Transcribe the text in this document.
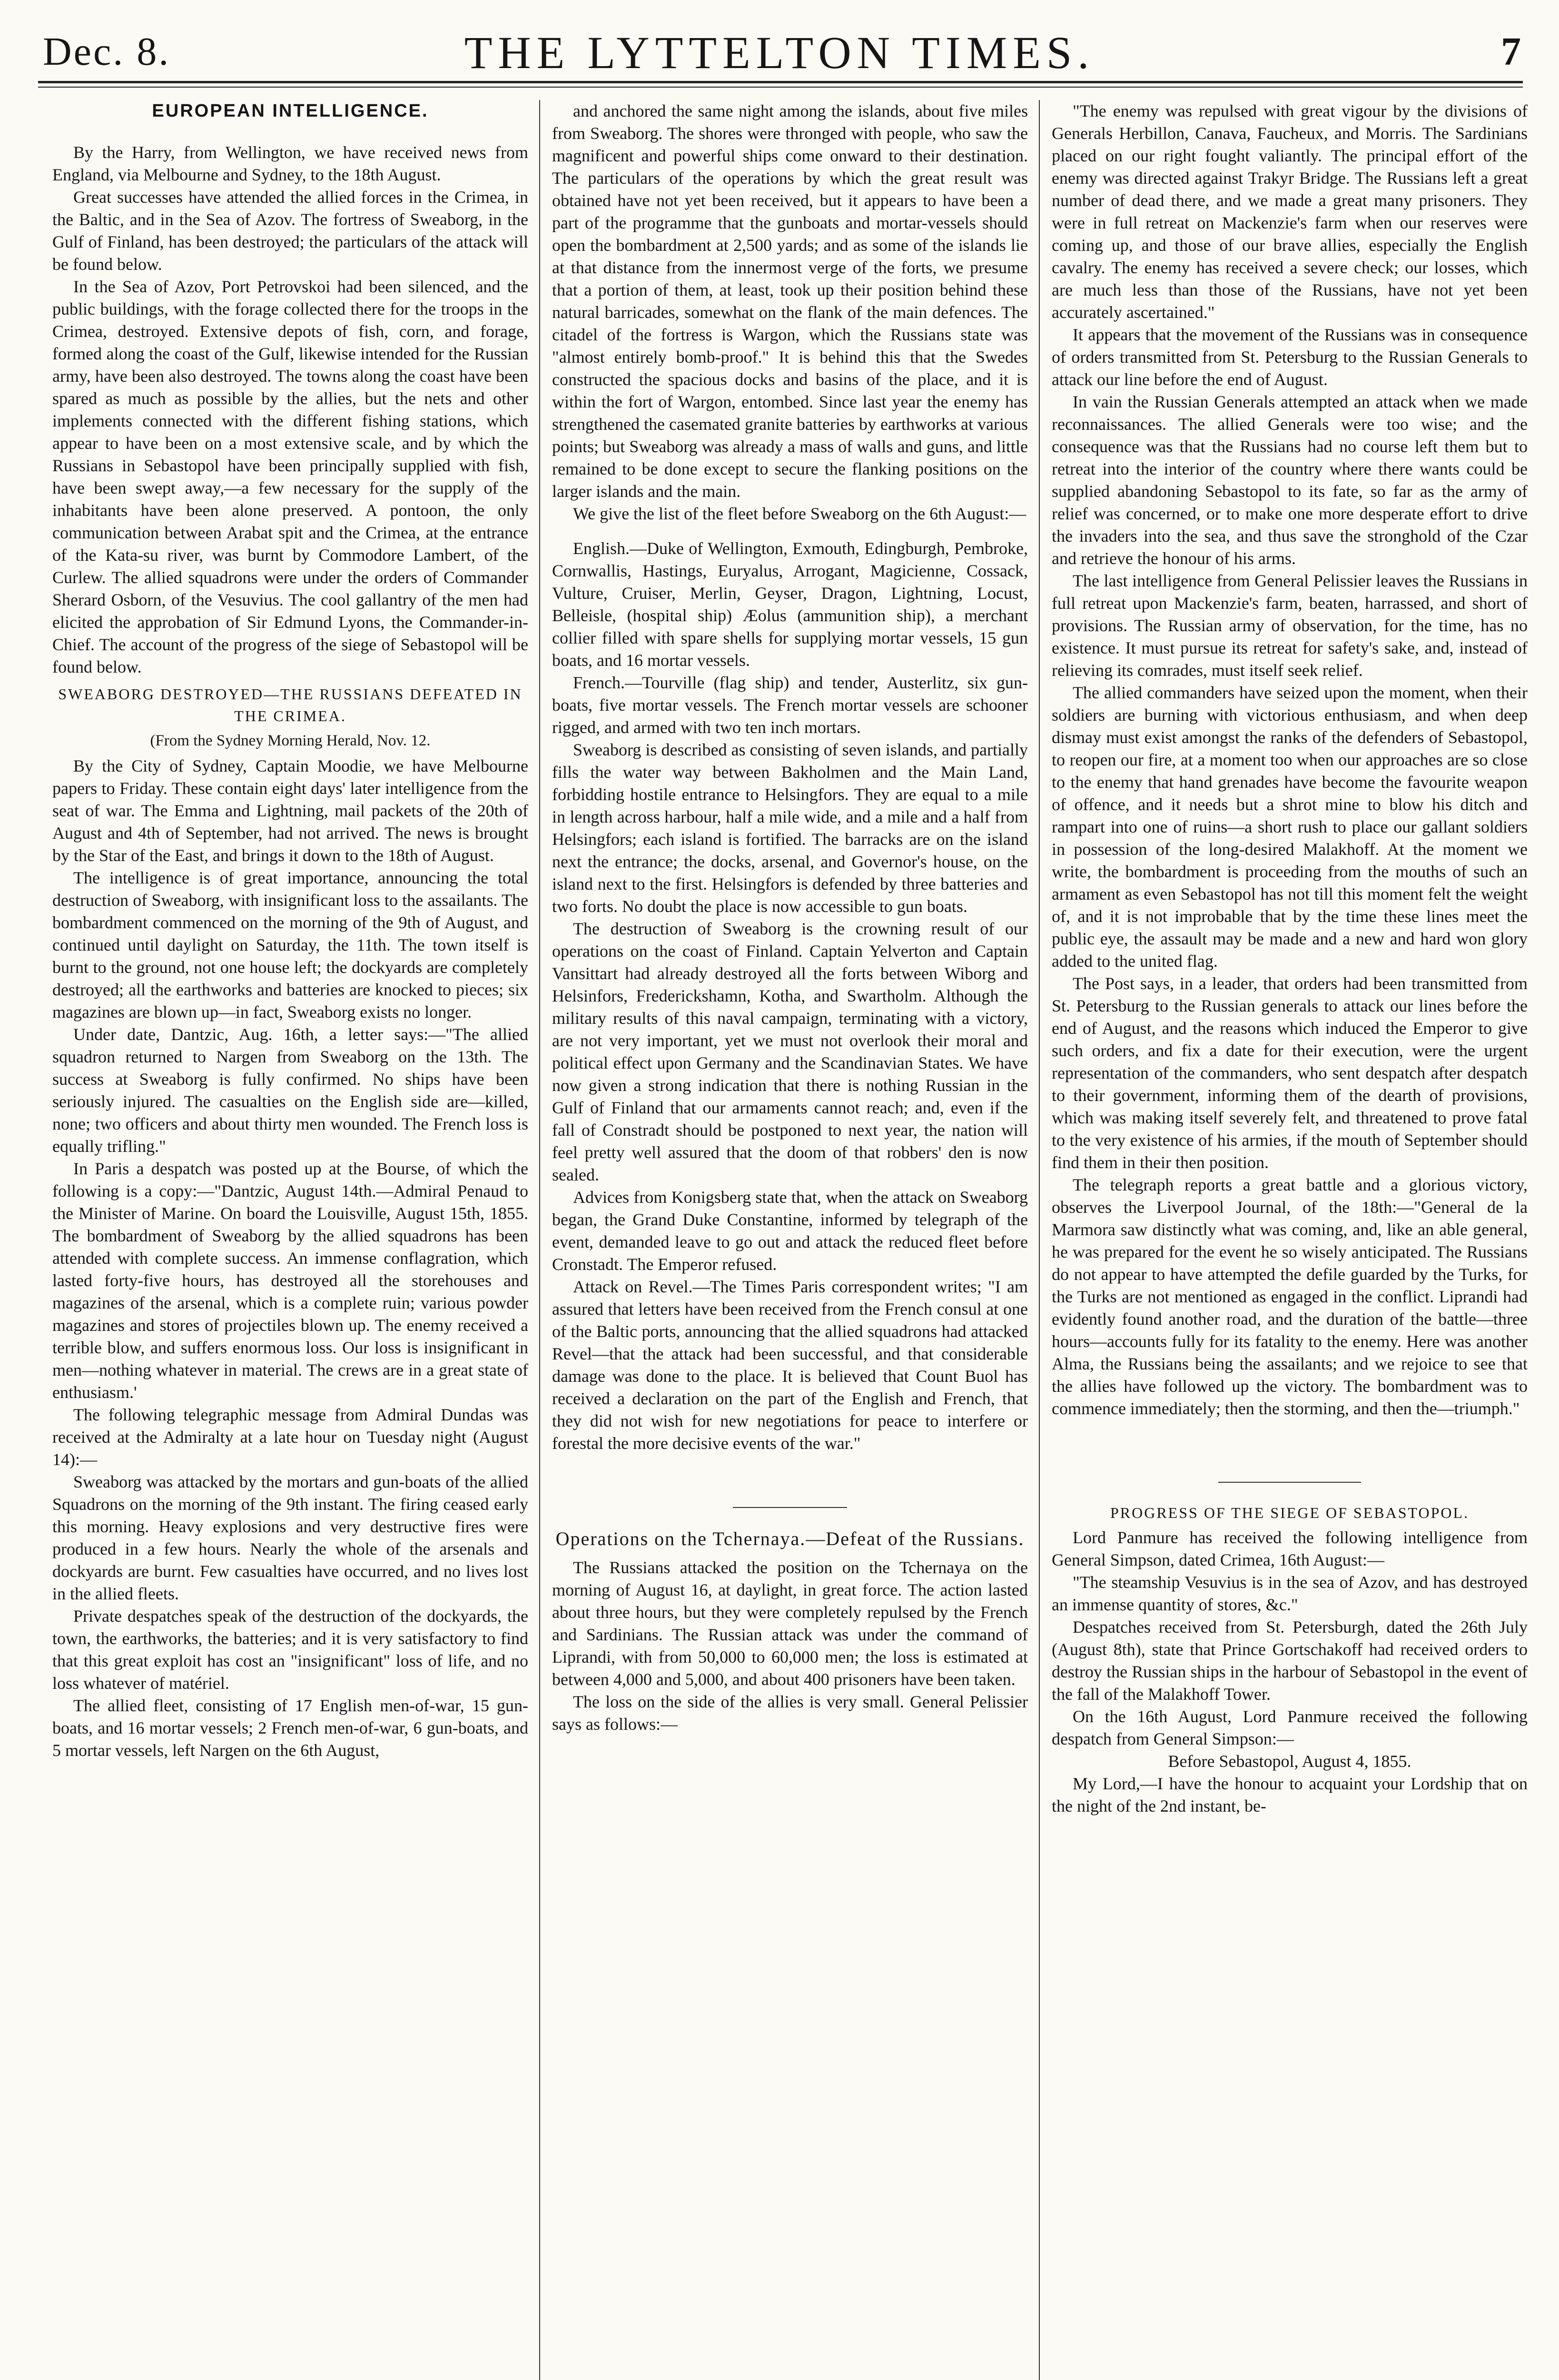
Dec. 8.	THE LYTTELTON TIMES.	7

EUROPEAN INTELLIGENCE.

By the Harry, from Wellington, we have received news from England, via Melbourne and Sydney, to the 18th August.

Great successes have attended the allied forces in the Crimea, in the Baltic, and in the Sea of Azov. The fortress of Sweaborg, in the Gulf of Finland, has been destroyed; the particulars of the attack will be found below.

In the Sea of Azov, Port Petrovskoi had been silenced, and the public buildings, with the forage collected there for the troops in the Crimea, destroyed. Extensive depots of fish, corn, and forage, formed along the coast of the Gulf, likewise intended for the Russian army, have been also destroyed. The towns along the coast have been spared as much as possible by the allies, but the nets and other implements connected with the different fishing stations, which appear to have been on a most extensive scale, and by which the Russians in Sebastopol have been principally supplied with fish, have been swept away,—a few necessary for the supply of the inhabitants have been alone preserved. A pontoon, the only communication between Arabat spit and the Crimea, at the entrance of the Kata-su river, was burnt by Commodore Lambert, of the Curlew. The allied squadrons were under the orders of Commander Sherard Osborn, of the Vesuvius. The cool gallantry of the men had elicited the approbation of Sir Edmund Lyons, the Commander-in-Chief. The account of the progress of the siege of Sebastopol will be found below.

SWEABORG DESTROYED—THE RUSSIANS DEFEATED IN THE CRIMEA.

(From the Sydney Morning Herald, Nov. 12.

By the City of Sydney, Captain Moodie, we have Melbourne papers to Friday. These contain eight days' later intelligence from the seat of war. The Emma and Lightning, mail packets of the 20th of August and 4th of September, had not arrived. The news is brought by the Star of the East, and brings it down to the 18th of August.

The intelligence is of great importance, announcing the total destruction of Sweaborg, with insignificant loss to the assailants. The bombardment commenced on the morning of the 9th of August, and continued until daylight on Saturday, the 11th. The town itself is burnt to the ground, not one house left; the dockyards are completely destroyed; all the earthworks and batteries are knocked to pieces; six magazines are blown up—in fact, Sweaborg exists no longer.

Under date, Dantzic, Aug. 16th, a letter says:—"The allied squadron returned to Nargen from Sweaborg on the 13th. The success at Sweaborg is fully confirmed. No ships have been seriously injured. The casualties on the English side are—killed, none; two officers and about thirty men wounded. The French loss is equally trifling."

In Paris a despatch was posted up at the Bourse, of which the following is a copy:—"Dantzic, August 14th.—Admiral Penaud to the Minister of Marine. On board the Louisville, August 15th, 1855. The bombardment of Sweaborg by the allied squadrons has been attended with complete success. An immense conflagration, which lasted forty-five hours, has destroyed all the storehouses and magazines of the arsenal, which is a complete ruin; various powder magazines and stores of projectiles blown up. The enemy received a terrible blow, and suffers enormous loss. Our loss is insignificant in men—nothing whatever in material. The crews are in a great state of enthusiasm.'

The following telegraphic message from Admiral Dundas was received at the Admiralty at a late hour on Tuesday night (August 14):—

Sweaborg was attacked by the mortars and gun-boats of the allied Squadrons on the morning of the 9th instant. The firing ceased early this morning. Heavy explosions and very destructive fires were produced in a few hours. Nearly the whole of the arsenals and dockyards are burnt. Few casualties have occurred, and no lives lost in the allied fleets.

Private despatches speak of the destruction of the dockyards, the town, the earthworks, the batteries; and it is very satisfactory to find that this great exploit has cost an "insignificant" loss of life, and no loss whatever of matériel.

The allied fleet, consisting of 17 English men-of-war, 15 gun-boats, and 16 mortar vessels; 2 French men-of-war, 6 gun-boats, and 5 mortar vessels, left Nargen on the 6th August,

and anchored the same night among the islands, about five miles from Sweaborg. The shores were thronged with people, who saw the magnificent and powerful ships come onward to their destination. The particulars of the operations by which the great result was obtained have not yet been received, but it appears to have been a part of the programme that the gunboats and mortar-vessels should open the bombardment at 2,500 yards; and as some of the islands lie at that distance from the innermost verge of the forts, we presume that a portion of them, at least, took up their position behind these natural barricades, somewhat on the flank of the main defences. The citadel of the fortress is Wargon, which the Russians state was "almost entirely bomb-proof." It is behind this that the Swedes constructed the spacious docks and basins of the place, and it is within the fort of Wargon, entombed. Since last year the enemy has strengthened the casemated granite batteries by earthworks at various points; but Sweaborg was already a mass of walls and guns, and little remained to be done except to secure the flanking positions on the larger islands and the main.

We give the list of the fleet before Sweaborg on the 6th August:—

English.—Duke of Wellington, Exmouth, Edingburgh, Pembroke, Cornwallis, Hastings, Euryalus, Arrogant, Magicienne, Cossack, Vulture, Cruiser, Merlin, Geyser, Dragon, Lightning, Locust, Belleisle, (hospital ship) Æolus (ammunition ship), a merchant collier filled with spare shells for supplying mortar vessels, 15 gun boats, and 16 mortar vessels.

French.—Tourville (flag ship) and tender, Austerlitz, six gun-boats, five mortar vessels. The French mortar vessels are schooner rigged, and armed with two ten inch mortars.

Sweaborg is described as consisting of seven islands, and partially fills the water way between Bakholmen and the Main Land, forbidding hostile entrance to Helsingfors. They are equal to a mile in length across harbour, half a mile wide, and a mile and a half from Helsingfors; each island is fortified. The barracks are on the island next the entrance; the docks, arsenal, and Governor's house, on the island next to the first. Helsingfors is defended by three batteries and two forts. No doubt the place is now accessible to gun boats.

The destruction of Sweaborg is the crowning result of our operations on the coast of Finland. Captain Yelverton and Captain Vansittart had already destroyed all the forts between Wiborg and Helsinfors, Frederickshamn, Kotha, and Swartholm. Although the military results of this naval campaign, terminating with a victory, are not very important, yet we must not overlook their moral and political effect upon Germany and the Scandinavian States. We have now given a strong indication that there is nothing Russian in the Gulf of Finland that our armaments cannot reach; and, even if the fall of Constradt should be postponed to next year, the nation will feel pretty well assured that the doom of that robbers' den is now sealed.

Advices from Konigsberg state that, when the attack on Sweaborg began, the Grand Duke Constantine, informed by telegraph of the event, demanded leave to go out and attack the reduced fleet before Cronstadt. The Emperor refused.

Attack on Revel.—The Times Paris correspondent writes; "I am assured that letters have been received from the French consul at one of the Baltic ports, announcing that the allied squadrons had attacked Revel—that the attack had been successful, and that considerable damage was done to the place. It is believed that Count Buol has received a declaration on the part of the English and French, that they did not wish for new negotiations for peace to interfere or forestal the more decisive events of the war."

Operations on the Tchernaya.—Defeat of the Russians.

The Russians attacked the position on the Tchernaya on the morning of August 16, at daylight, in great force. The action lasted about three hours, but they were completely repulsed by the French and Sardinians. The Russian attack was under the command of Liprandi, with from 50,000 to 60,000 men; the loss is estimated at between 4,000 and 5,000, and about 400 prisoners have been taken.

The loss on the side of the allies is very small. General Pelissier says as follows:—

"The enemy was repulsed with great vigour by the divisions of Generals Herbillon, Canava, Faucheux, and Morris. The Sardinians placed on our right fought valiantly. The principal effort of the enemy was directed against Trakyr Bridge. The Russians left a great number of dead there, and we made a great many prisoners. They were in full retreat on Mackenzie's farm when our reserves were coming up, and those of our brave allies, especially the English cavalry. The enemy has received a severe check; our losses, which are much less than those of the Russians, have not yet been accurately ascertained."

It appears that the movement of the Russians was in consequence of orders transmitted from St. Petersburg to the Russian Generals to attack our line before the end of August.

In vain the Russian Generals attempted an attack when we made reconnaissances. The allied Generals were too wise; and the consequence was that the Russians had no course left them but to retreat into the interior of the country where there wants could be supplied abandoning Sebastopol to its fate, so far as the army of relief was concerned, or to make one more desperate effort to drive the invaders into the sea, and thus save the stronghold of the Czar and retrieve the honour of his arms.

The last intelligence from General Pelissier leaves the Russians in full retreat upon Mackenzie's farm, beaten, harrassed, and short of provisions. The Russian army of observation, for the time, has no existence. It must pursue its retreat for safety's sake, and, instead of relieving its comrades, must itself seek relief.

The allied commanders have seized upon the moment, when their soldiers are burning with victorious enthusiasm, and when deep dismay must exist amongst the ranks of the defenders of Sebastopol, to reopen our fire, at a moment too when our approaches are so close to the enemy that hand grenades have become the favourite weapon of offence, and it needs but a shrot mine to blow his ditch and rampart into one of ruins—a short rush to place our gallant soldiers in possession of the long-desired Malakhoff. At the moment we write, the bombardment is proceeding from the mouths of such an armament as even Sebastopol has not till this moment felt the weight of, and it is not improbable that by the time these lines meet the public eye, the assault may be made and a new and hard won glory added to the united flag.

The Post says, in a leader, that orders had been transmitted from St. Petersburg to the Russian generals to attack our lines before the end of August, and the reasons which induced the Emperor to give such orders, and fix a date for their execution, were the urgent representation of the commanders, who sent despatch after despatch to their government, informing them of the dearth of provisions, which was making itself severely felt, and threatened to prove fatal to the very existence of his armies, if the mouth of September should find them in their then position.

The telegraph reports a great battle and a glorious victory, observes the Liverpool Journal, of the 18th:—"General de la Marmora saw distinctly what was coming, and, like an able general, he was prepared for the event he so wisely anticipated. The Russians do not appear to have attempted the defile guarded by the Turks, for the Turks are not mentioned as engaged in the conflict. Liprandi had evidently found another road, and the duration of the battle—three hours—accounts fully for its fatality to the enemy. Here was another Alma, the Russians being the assailants; and we rejoice to see that the allies have followed up the victory. The bombardment was to commence immediately; then the storming, and then the—triumph."

PROGRESS OF THE SIEGE OF SEBASTOPOL.

Lord Panmure has received the following intelligence from General Simpson, dated Crimea, 16th August:—

"The steamship Vesuvius is in the sea of Azov, and has destroyed an immense quantity of stores, &c."

Despatches received from St. Petersburgh, dated the 26th July (August 8th), state that Prince Gortschakoff had received orders to destroy the Russian ships in the harbour of Sebastopol in the event of the fall of the Malakhoff Tower.

On the 16th August, Lord Panmure received the following despatch from General Simpson:—

Before Sebastopol, August 4, 1855.

My Lord,—I have the honour to acquaint your Lordship that on the night of the 2nd instant, be-
